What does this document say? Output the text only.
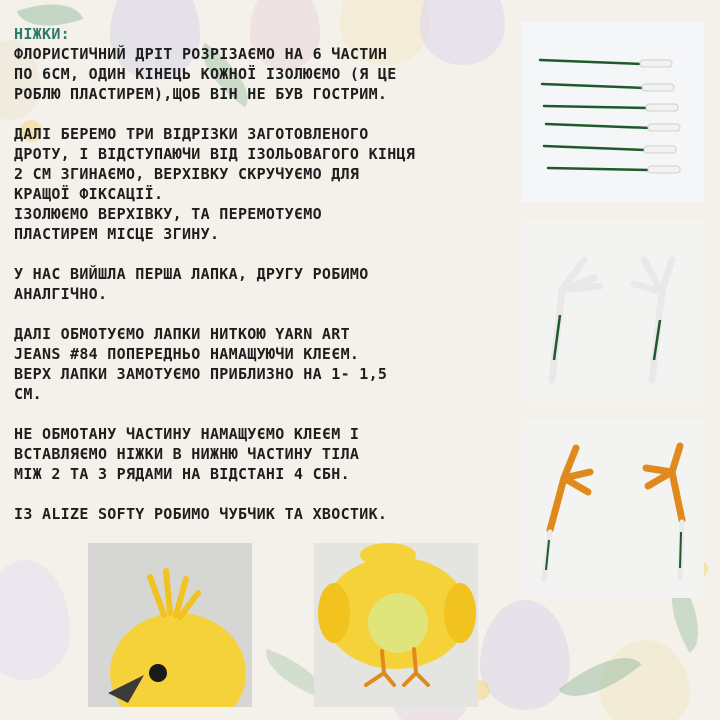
НІЖКИ:

ФЛОРИСТИЧНИЙ ДРІТ РОЗРІЗАЄМО НА 6 ЧАСТИН
ПО 6СМ, ОДИН КІНЕЦЬ КОЖНОЇ ІЗОЛЮЄМО (Я ЦЕ
РОБЛЮ ПЛАСТИРЕМ),ЩОБ ВІН НЕ БУВ ГОСТРИМ.
ДАЛІ БЕРЕМО ТРИ ВІДРІЗКИ ЗАГОТОВЛЕНОГО
ДРОТУ, І ВІДСТУПАЮЧИ ВІД ІЗОЛЬОВАГОГО КІНЦЯ
2 СМ ЗГИНАЄМО, ВЕРХІВКУ СКРУЧУЄМО ДЛЯ
КРАЩОЇ ФІКСАЦІЇ.
ІЗОЛЮЄМО ВЕРХІВКУ, ТА ПЕРЕМОТУЄМО
ПЛАСТИРЕМ МІСЦЕ ЗГИНУ.
У НАС ВИЙШЛА ПЕРША ЛАПКА, ДРУГУ РОБИМО
АНАЛГІЧНО.
ДАЛІ ОБМОТУЄМО ЛАПКИ НИТКОЮ YARN ART
JEANS #84 ПОПЕРЕДНЬО НАМАЩУЮЧИ КЛЕЄМ.
ВЕРХ ЛАПКИ ЗАМОТУЄМО ПРИБЛИЗНО НА 1- 1,5
СМ.
НЕ ОБМОТАНУ ЧАСТИНУ НАМАЩУЄМО КЛЕЄМ І
ВСТАВЛЯЄМО НІЖКИ В НИЖНЮ ЧАСТИНУ ТІЛА
МІЖ 2 ТА 3 РЯДАМИ НА ВІДСТАНІ 4 СБН.
ІЗ ALIZE SOFTY РОБИМО ЧУБЧИК ТА ХВОСТИК.
